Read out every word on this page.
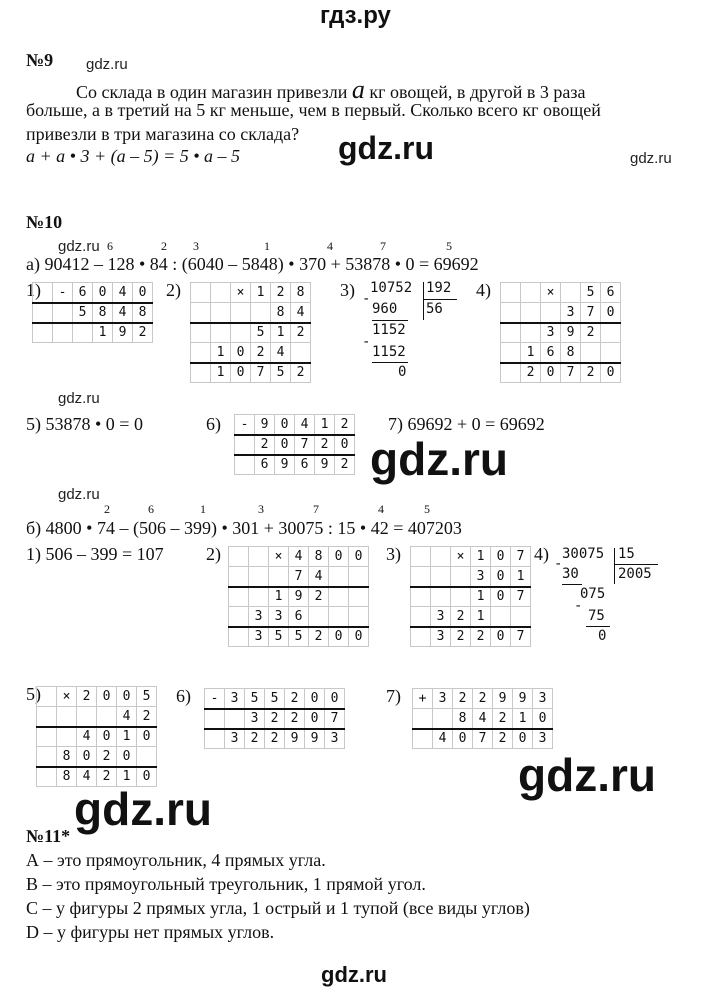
гдз.ру
№9 gdz.ru
Со склада в один магазин привезли a кг овощей, в другой в 3 раза
больше, а в третий на 5 кг меньше, чем в первый. Сколько всего кг овощей
привезли в три магазина со склада?
a + a • 3 + (a – 5) = 5 • a – 5	gdz.ru	gdz.ru
№10
gdz.ru 6	2 3	1	4	7	5
а) 90412 – 128 • 84 : (6040 – 5848) • 370 + 53878 • 0 = 69692
1)
	-	6	0	4	0
		5	8	4	8
			1	9	2
2)
			×	1	2	8
				8	4
			5	1	2
	1	0	2	4	
	1	0	7	5	2
3) 10752 192
-
960 56
1152
-
1152
0
4)
			×		5	6
			3	7	0
		3	9	2	
	1	6	8		
	2	0	7	2	0
gdz.ru
5) 53878 • 0 = 0	6) -	9	0	4	1	2
	2	0	7	2	0
	6	9	6	9	2
7) 69692 + 0 = 69692
gdz.ru
gdz.ru
2	6	1	3	7	4	5
б) 4800 • 74 – (506 – 399) • 301 + 30075 : 15 • 42 = 407203
1) 506 – 399 = 107 2)
			×	4	8	0	0
			7	4		
		1	9	2		
	3	3	6			
	3	5	5	2	0	0
3)
			×	1	0	7
			3	0	1
			1	0	7
	3	2	1		
	3	2	2	0	7
4) 30075 15
-
30	2005
075
-
75
0
5)
	×	2	0	0	5
				4	2
		4	0	1	0
	8	0	2	0	
	8	4	2	1	0
6) -	3	5	5	2	0	0
		3	2	2	0	7
	3	2	2	9	9	3
7) +	3	2	2	9	9	3
		8	4	2	1	0
	4	0	7	2	0	3
gdz.ru
gdz.ru
№11*
А – это прямоугольник, 4 прямых угла.
B – это прямоугольный треугольник, 1 прямой угол.
C – у фигуры 2 прямых угла, 1 острый и 1 тупой (все виды углов)
D – у фигуры нет прямых углов.
gdz.ru
